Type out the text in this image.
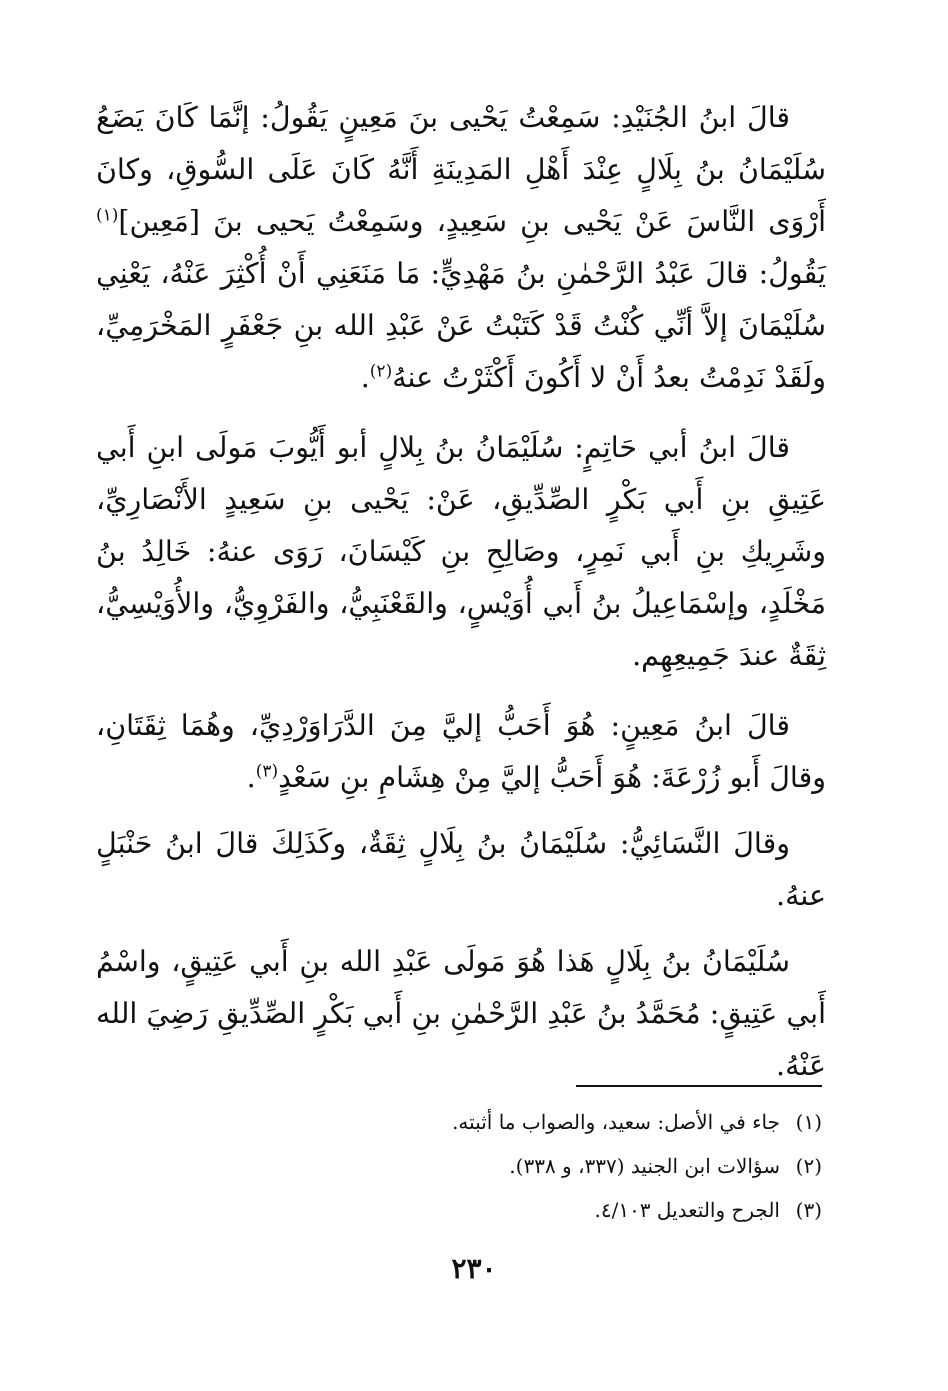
قالَ ابنُ الجُنَيْدِ: سَمِعْتُ يَحْيى بنَ مَعِينٍ يَقُولُ: إنَّمَا كَانَ يَضَعُ سُلَيْمَانُ بنُ بِلَالٍ عِنْدَ أَهْلِ المَدِينَةِ أَنَّهُ كَانَ عَلَى السُّوقِ، وكانَ أَرْوَى النَّاسَ عَنْ يَحْيى بنِ سَعِيدٍ، وسَمِعْتُ يَحيى بنَ [مَعِين]$^{(١)}$ يَقُولُ: قالَ عَبْدُ الرَّحْمٰنِ بنُ مَهْدِيٍّ: مَا مَنَعَنِي أَنْ أُكْثِرَ عَنْهُ، يَعْنِي سُلَيْمَانَ إلاَّ أنِّي كُنْتُ قَدْ كَتَبْتُ عَنْ عَبْدِ الله بنِ جَعْفَرٍ المَخْرَمِيِّ، ولَقَدْ نَدِمْتُ بعدُ أَنْ لا أَكُونَ أَكْثَرْتُ عنهُ$^{(٢)}$.

قالَ ابنُ أبي حَاتِمٍ: سُلَيْمَانُ بنُ بِلالٍ أبو أَيُّوبَ مَولَى ابنِ أَبي عَتِيقِ بنِ أَبي بَكْرٍ الصِّدِّيقِ، عَنْ: يَحْيى بنِ سَعِيدٍ الأَنْصَارِيِّ، وشَرِيكِ بنِ أَبي نَمِرٍ، وصَالِحِ بنِ كَيْسَانَ، رَوَى عنهُ: خَالِدُ بنُ مَخْلَدٍ، وإسْمَاعِيلُ بنُ أَبي أُوَيْسٍ، والقَعْنَبِيُّ، والفَرْوِيُّ، والأُوَيْسِيُّ، ثِقَةٌ عندَ جَمِيعِهِم.

قالَ ابنُ مَعِينٍ: هُوَ أَحَبُّ إليَّ مِنَ الدَّرَاوَرْدِيِّ، وهُمَا ثِقَتَانِ، وقالَ أَبو زُرْعَةَ: هُوَ أَحَبُّ إليَّ مِنْ هِشَامِ بنِ سَعْدٍ$^{(٣)}$.

وقالَ النَّسَائِيُّ: سُلَيْمَانُ بنُ بِلَالٍ ثِقَةٌ، وكَذَلِكَ قالَ ابنُ حَنْبَلٍ عنهُ.

سُلَيْمَانُ بنُ بِلَالٍ هَذا هُوَ مَولَى عَبْدِ الله بنِ أَبي عَتِيقٍ، واسْمُ أَبي عَتِيقٍ: مُحَمَّدُ بنُ عَبْدِ الرَّحْمٰنِ بنِ أَبي بَكْرٍ الصِّدِّيقِ رَضِيَ الله عَنْهُ.

(١)جاء في الأصل: سعيد، والصواب ما أثبته.
(٢)سؤالات ابن الجنيد (٣٣٧، و ٣٣٨).
(٣)الجرح والتعديل ٤/١٠٣.
٢٣٠
